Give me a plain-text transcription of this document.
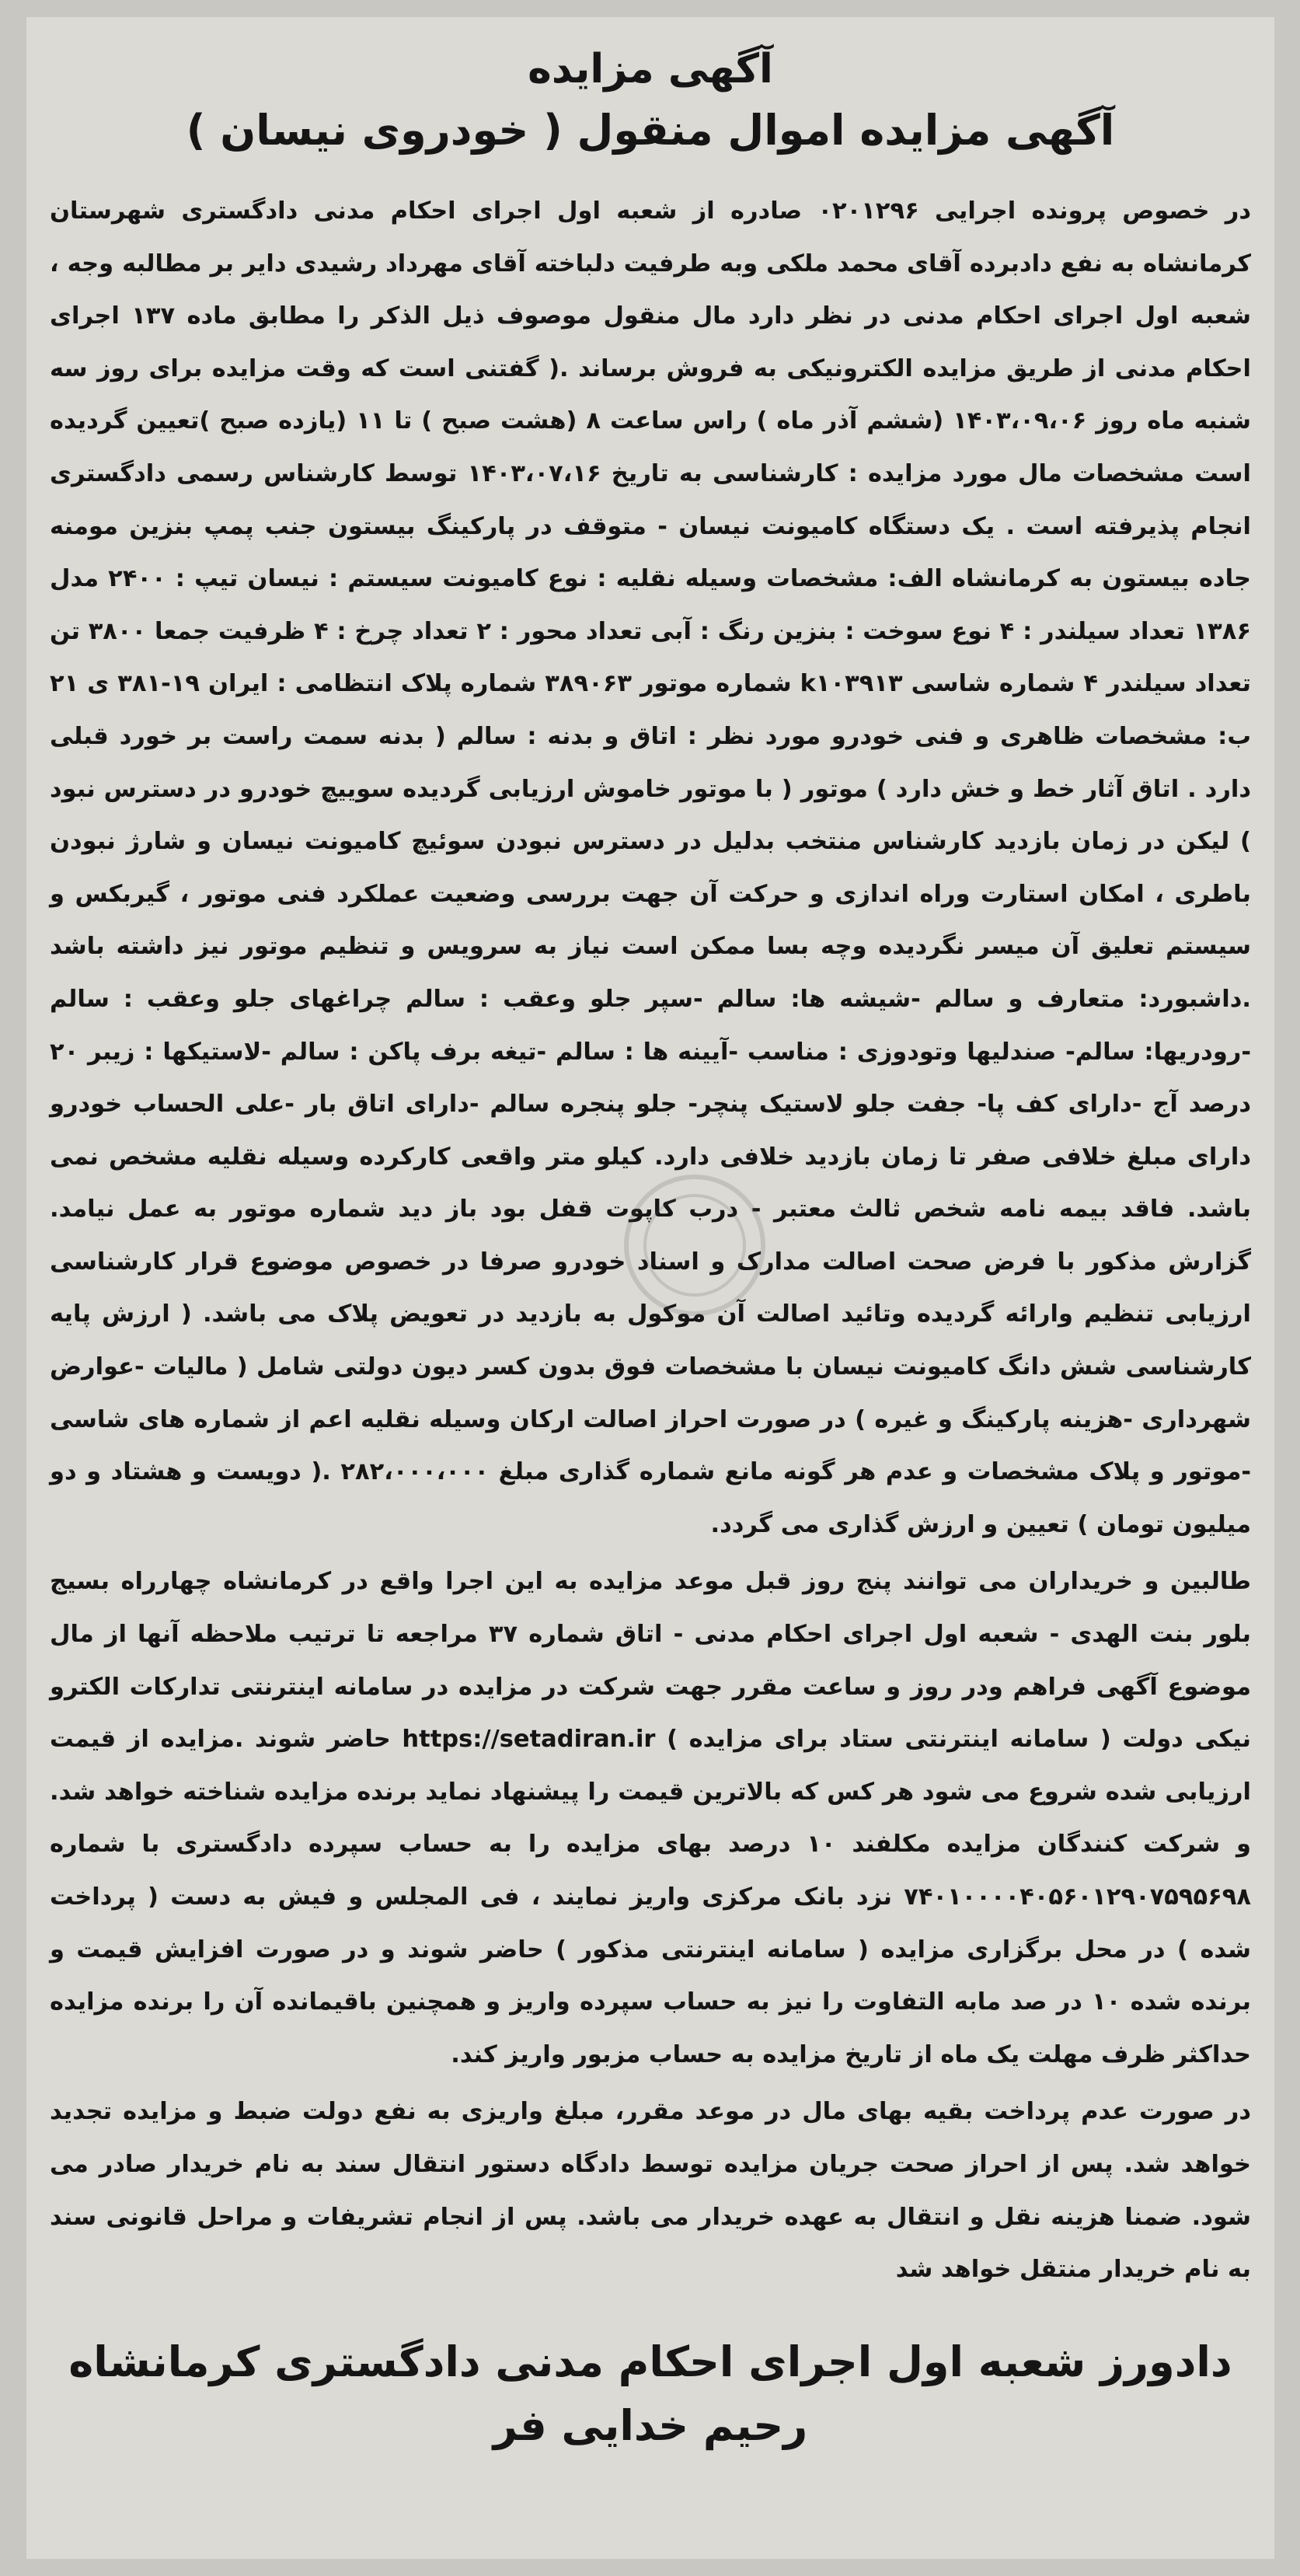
آگهی مزایده
آگهی مزایده اموال منقول ( خودروی نیسان )

در خصوص پرونده اجرایی ۰۲۰۱۲۹۶ صادره از شعبه اول اجرای احکام مدنی دادگستری شهرستان کرمانشاه به نفع دادبرده آقای محمد ملکی وبه طرفیت دلباخته آقای مهرداد رشیدی دایر بر مطالبه وجه ، شعبه اول اجرای احکام مدنی در نظر دارد مال منقول موصوف ذیل الذکر را مطابق ماده ۱۳۷ اجرای احکام مدنی از طریق مزایده الکترونیکی به فروش برساند .( گفتنی است که وقت مزایده برای روز سه شنبه ماه روز ۱۴۰۳،۰۹،۰۶ (ششم آذر ماه ) راس ساعت ۸ (هشت صبح ) تا ۱۱ (یازده صبح )تعیین گردیده است مشخصات مال مورد مزایده : کارشناسی به تاریخ ۱۴۰۳،۰۷،۱۶ توسط کارشناس رسمی دادگستری انجام پذیرفته است . یک دستگاه کامیونت نیسان - متوقف در پارکینگ بیستون جنب پمپ بنزین مومنه جاده بیستون به کرمانشاه الف: مشخصات وسیله نقلیه : نوع کامیونت سیستم : نیسان تیپ : ۲۴۰۰ مدل ۱۳۸۶ تعداد سیلندر : ۴ نوع سوخت : بنزین رنگ : آبی تعداد محور : ۲ تعداد چرخ : ۴ ظرفیت جمعا ۳۸۰۰ تن تعداد سیلندر ۴ شماره شاسی k۱۰۳۹۱۳ شماره موتور ۳۸۹۰۶۳ شماره پلاک انتظامی : ایران ۱۹-۳۸۱ ی ۲۱ ب: مشخصات ظاهری و فنی خودرو مورد نظر : اتاق و بدنه : سالم ( بدنه سمت راست بر خورد قبلی دارد . اتاق آثار خط و خش دارد ) موتور ( با موتور خاموش ارزیابی گردیده سوییچ خودرو در دسترس نبود ) لیکن در زمان بازدید کارشناس منتخب بدلیل در دسترس نبودن سوئیچ کامیونت نیسان و شارژ نبودن باطری ، امکان استارت وراه اندازی و حرکت آن جهت بررسی وضعیت عملکرد فنی موتور ، گیربکس و سیستم تعلیق آن میسر نگردیده وچه بسا ممکن است نیاز به سرویس و تنظیم موتور نیز داشته باشد .داشبورد: متعارف و سالم -شیشه ها: سالم -سپر جلو وعقب : سالم چراغهای جلو وعقب : سالم -رودریها: سالم- صندلیها وتودوزی : مناسب -آیینه ها : سالم -تیغه برف پاکن : سالم -لاستیکها : زیبر ۲۰ درصد آج -دارای کف پا- جفت جلو لاستیک پنچر- جلو پنجره سالم -دارای اتاق بار -علی الحساب خودرو دارای مبلغ خلافی صفر تا زمان بازدید خلافی دارد. کیلو متر واقعی کارکرده وسیله نقلیه مشخص نمی باشد. فاقد بیمه نامه شخص ثالث معتبر - درب کاپوت قفل بود باز دید شماره موتور به عمل نیامد. گزارش مذکور با فرض صحت اصالت مدارک و اسناد خودرو صرفا در خصوص موضوع قرار کارشناسی ارزیابی تنظیم وارائه گردیده وتائید اصالت آن موکول به بازدید در تعویض پلاک می باشد. ( ارزش پایه کارشناسی شش دانگ کامیونت نیسان با مشخصات فوق بدون کسر دیون دولتی شامل ( مالیات -عوارض شهرداری -هزینه پارکینگ و غیره ) در صورت احراز اصالت ارکان وسیله نقلیه اعم از شماره های شاسی -موتور و پلاک مشخصات و عدم هر گونه مانع شماره گذاری مبلغ ۲۸۲،۰۰۰،۰۰۰ .( دویست و هشتاد و دو میلیون تومان ) تعیین و ارزش گذاری می گردد.

طالبین و خریداران می توانند پنج روز قبل موعد مزایده به این اجرا واقع در کرمانشاه چهارراه بسیج بلور بنت الهدی - شعبه اول اجرای احکام مدنی - اتاق شماره ۳۷ مراجعه تا ترتیب ملاحظه آنها از مال موضوع آگهی فراهم ودر روز و ساعت مقرر جهت شرکت در مزایده در سامانه اینترنتی تدارکات الکترو نیکی دولت ( سامانه اینترنتی ستاد برای مزایده ) https://setadiran.ir حاضر شوند .مزایده از قیمت ارزیابی شده شروع می شود هر کس که بالاترین قیمت را پیشنهاد نماید برنده مزایده شناخته خواهد شد. و شرکت کنندگان مزایده مکلفند ۱۰ درصد بهای مزایده را به حساب سپرده دادگستری با شماره ۷۴۰۱۰۰۰۰۴۰۵۶۰۱۲۹۰۷۵۹۵۶۹۸ نزد بانک مرکزی واریز نمایند ، فی المجلس و فیش به دست ( پرداخت شده ) در محل برگزاری مزایده ( سامانه اینترنتی مذکور ) حاضر شوند و در صورت افزایش قیمت و برنده شده ۱۰ در صد مابه التفاوت را نیز به حساب سپرده واریز و همچنین باقیمانده آن را برنده مزایده حداکثر ظرف مهلت یک ماه از تاریخ مزایده به حساب مزبور واریز کند.

در صورت عدم پرداخت بقیه بهای مال در موعد مقرر، مبلغ واریزی به نفع دولت ضبط و مزایده تجدید خواهد شد. پس از احراز صحت جریان مزایده توسط دادگاه دستور انتقال سند به نام خریدار صادر می شود. ضمنا هزینه نقل و انتقال به عهده خریدار می باشد. پس از انجام تشریفات و مراحل قانونی سند به نام خریدار منتقل خواهد شد

دادورز شعبه اول اجرای احکام مدنی دادگستری کرمانشاه
رحیم خدایی فر
